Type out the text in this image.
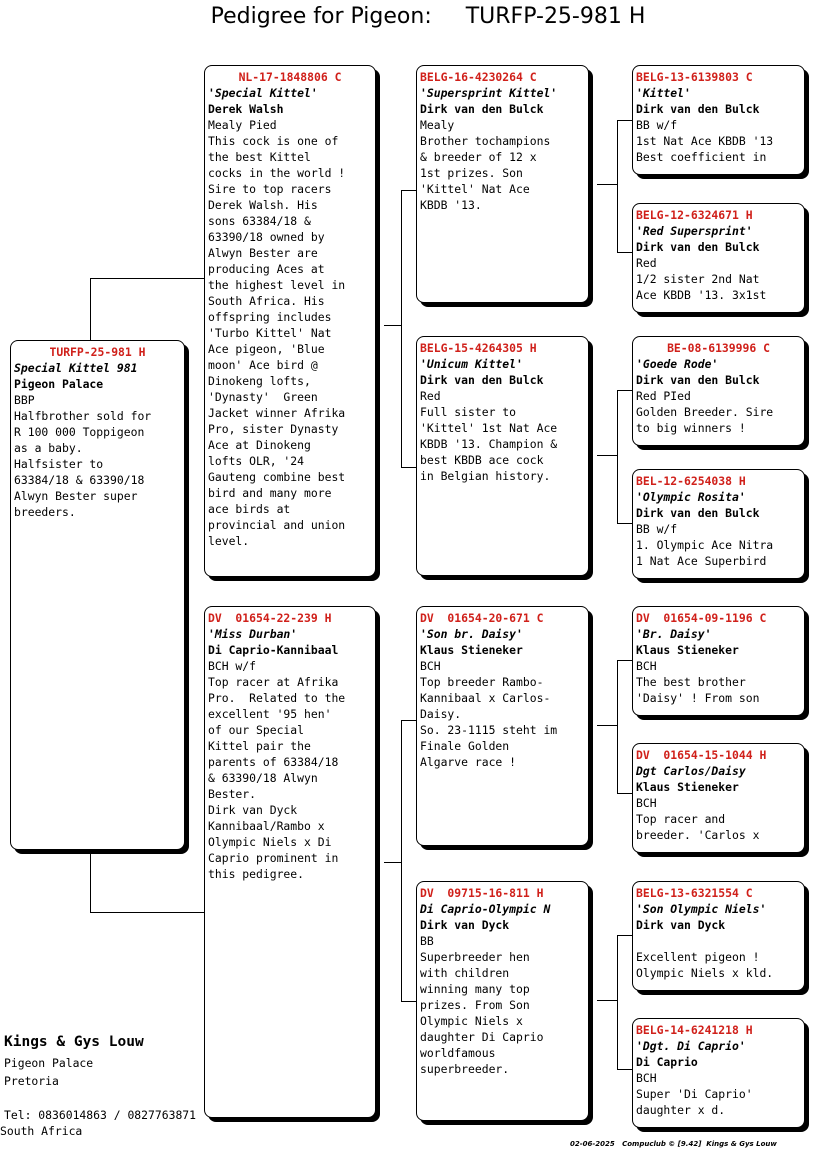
Pedigree for Pigeon: TURFP-25-981 H
TURFP-25-981 H
Special Kittel 981
Pigeon Palace
BBP
Halfbrother sold for
R 100 000 Toppigeon
as a baby.
Halfsister to
63384/18 & 63390/18
Alwyn Bester super
breeders.
NL-17-1848806 C
'Special Kittel'
Derek Walsh
Mealy Pied
This cock is one of
the best Kittel
cocks in the world !
Sire to top racers
Derek Walsh. His
sons 63384/18 &
63390/18 owned by
Alwyn Bester are
producing Aces at
the highest level in
South Africa. His
offspring includes
'Turbo Kittel' Nat
Ace pigeon, 'Blue
moon' Ace bird @
Dinokeng lofts,
'Dynasty'  Green
Jacket winner Afrika
Pro, sister Dynasty
Ace at Dinokeng
lofts OLR, '24
Gauteng combine best
bird and many more
ace birds at
provincial and union
level.
DV  01654-22-239 H
'Miss Durban'
Di Caprio-Kannibaal
BCH w/f
Top racer at Afrika
Pro.  Related to the
excellent '95 hen'
of our Special
Kittel pair the
parents of 63384/18
& 63390/18 Alwyn
Bester.
Dirk van Dyck
Kannibaal/Rambo x
Olympic Niels x Di
Caprio prominent in
this pedigree.
BELG-16-4230264 C
'Supersprint Kittel'
Dirk van den Bulck
Mealy
Brother tochampions
& breeder of 12 x
1st prizes. Son
'Kittel' Nat Ace
KBDB '13.
BELG-15-4264305 H
'Unicum Kittel'
Dirk van den Bulck
Red
Full sister to
'Kittel' 1st Nat Ace
KBDB '13. Champion &
best KBDB ace cock
in Belgian history.
DV  01654-20-671 C
'Son br. Daisy'
Klaus Stieneker
BCH
Top breeder Rambo-
Kannibaal x Carlos-
Daisy.
So. 23-1115 steht im
Finale Golden
Algarve race !
DV  09715-16-811 H
Di Caprio-Olympic N
Dirk van Dyck
BB
Superbreeder hen
with children
winning many top
prizes. From Son
Olympic Niels x
daughter Di Caprio
worldfamous
superbreeder.
BELG-13-6139803 C
'Kittel'
Dirk van den Bulck
BB w/f
1st Nat Ace KBDB '13
Best coefficient in
BELG-12-6324671 H
'Red Supersprint'
Dirk van den Bulck
Red
1/2 sister 2nd Nat
Ace KBDB '13. 3x1st
BE-08-6139996 C
'Goede Rode'
Dirk van den Bulck
Red PIed
Golden Breeder. Sire
to big winners !
BEL-12-6254038 H
'Olympic Rosita'
Dirk van den Bulck
BB w/f
1. Olympic Ace Nitra
1 Nat Ace Superbird
DV  01654-09-1196 C
'Br. Daisy'
Klaus Stieneker
BCH
The best brother
'Daisy' ! From son
DV  01654-15-1044 H
Dgt Carlos/Daisy
Klaus Stieneker
BCH
Top racer and
breeder. 'Carlos x
BELG-13-6321554 C
'Son Olympic Niels'
Dirk van Dyck
Excellent pigeon !
Olympic Niels x kld.
BELG-14-6241218 H
'Dgt. Di Caprio'
Di Caprio
BCH
Super 'Di Caprio'
daughter x d.
Kings & Gys Louw
Pigeon Palace
Pretoria
Tel: 0836014863 / 0827763871
South Africa
02-06-2025   Compuclub © [9.42]  Kings & Gys Louw
